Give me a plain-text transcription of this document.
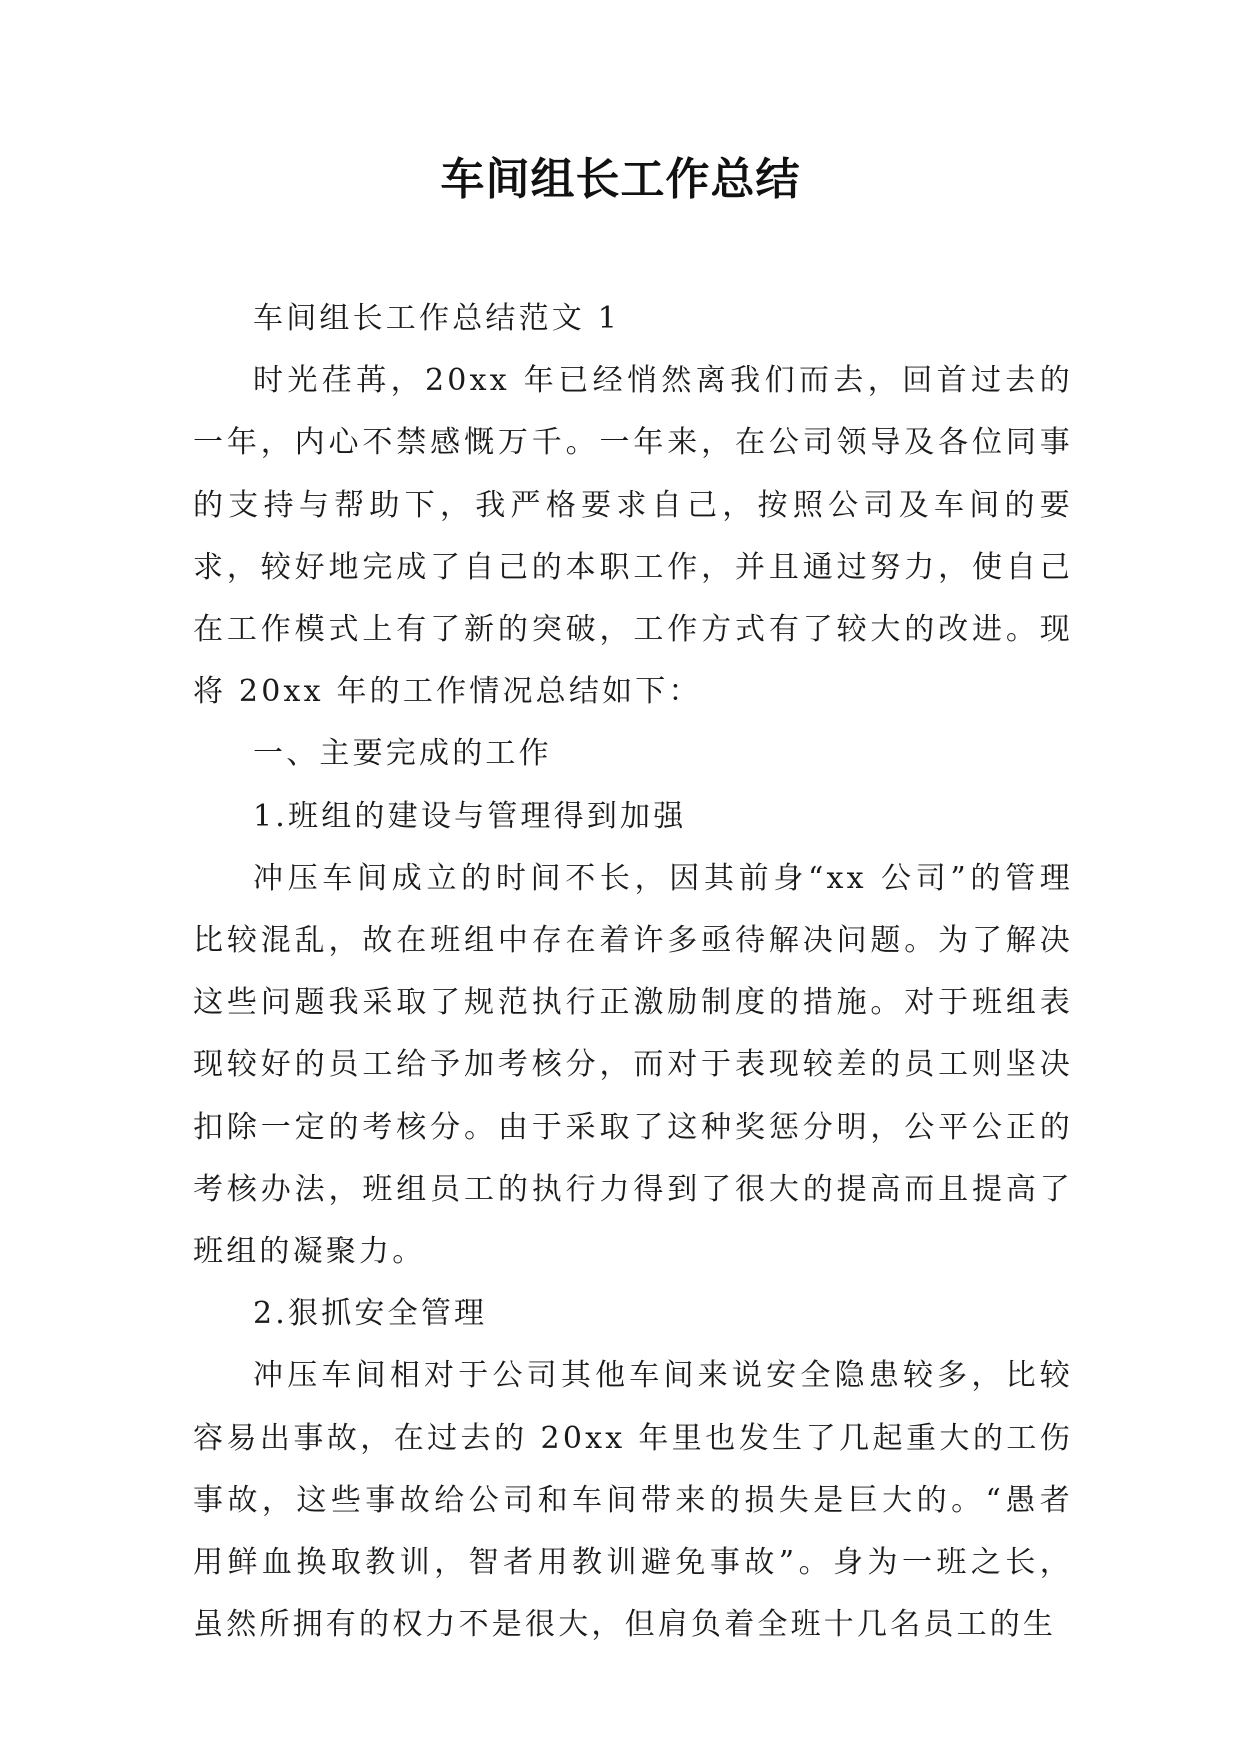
车间组长工作总结

车间组长工作总结范文 1

时光荏苒，20xx 年已经悄然离我们而去，回首过去的一年，内心不禁感慨万千。一年来，在公司领导及各位同事的支持与帮助下，我严格要求自己，按照公司及车间的要求，较好地完成了自己的本职工作，并且通过努力，使自己在工作模式上有了新的突破，工作方式有了较大的改进。现将 20xx 年的工作情况总结如下：

一、主要完成的工作

1.班组的建设与管理得到加强

冲压车间成立的时间不长，因其前身“xx 公司”的管理比较混乱，故在班组中存在着许多亟待解决问题。为了解决这些问题我采取了规范执行正激励制度的措施。对于班组表现较好的员工给予加考核分，而对于表现较差的员工则坚决扣除一定的考核分。由于采取了这种奖惩分明，公平公正的考核办法，班组员工的执行力得到了很大的提高而且提高了班组的凝聚力。

2.狠抓安全管理

冲压车间相对于公司其他车间来说安全隐患较多，比较容易出事故，在过去的 20xx 年里也发生了几起重大的工伤事故，这些事故给公司和车间带来的损失是巨大的。“愚者用鲜血换取教训，智者用教训避免事故”。身为一班之长，虽然所拥有的权力不是很大，但肩负着全班十几名员工的生
